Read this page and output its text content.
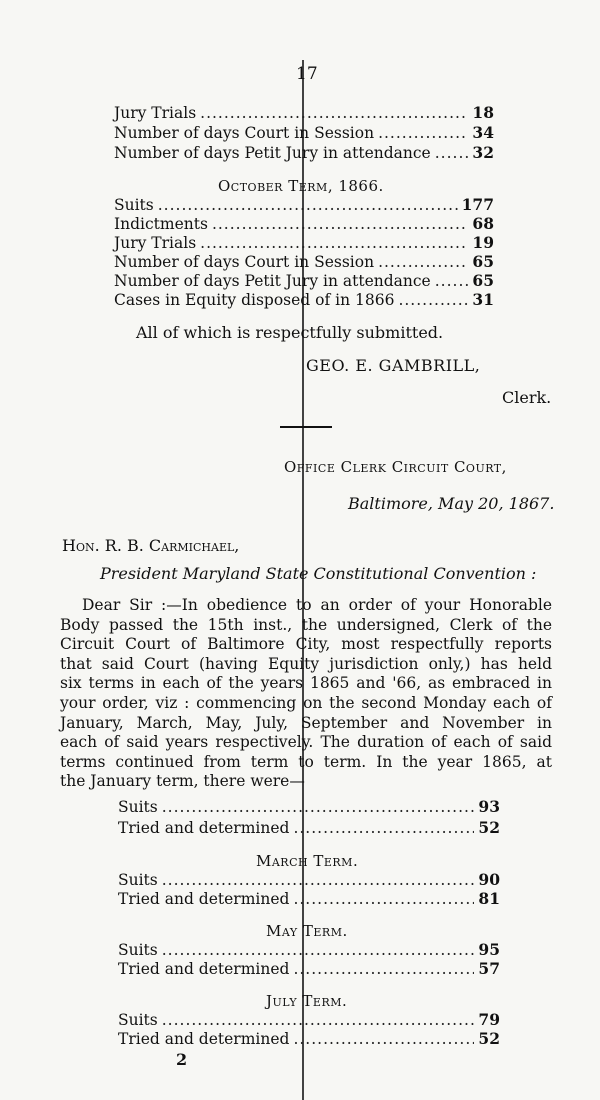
17
Jury Trials .....	18
Number of days Court in Session .....	34
Number of days Petit Jury in attendance .....	32
October Term, 1866.
Suits .....	177
Indictments .....	68
Jury Trials .....	19
Number of days Court in Session .....	65
Number of days Petit Jury in attendance .....	65
Cases in Equity disposed of in 1866 .....	31
All of which is respectfully submitted.
GEO. E. GAMBRILL,
Clerk.
Office Clerk Circuit Court,
Baltimore, May 20, 1867.
Hon. R. B. Carmichael,
President Maryland State Constitutional Convention :
Dear Sir :—In obedience to an order of your Honorable
Body passed the 15th inst., the undersigned, Clerk of the
Circuit Court of Baltimore City, most respectfully reports
that said Court (having Equity jurisdiction only,) has held
six terms in each of the years 1865 and '66, as embraced in
your order, viz : commencing on the second Monday each of
January, March, May, July, September and November in
each of said years respectively. The duration of each of said
terms continued from term to term. In the year 1865, at
the January term, there were—
Suits .....	93
Tried and determined .....	52
March Term.
Suits .....	90
Tried and determined .....	81
May Term.
Suits .....	95
Tried and determined .....	57
July Term.
Suits .....	79
Tried and determined .....	52
2
